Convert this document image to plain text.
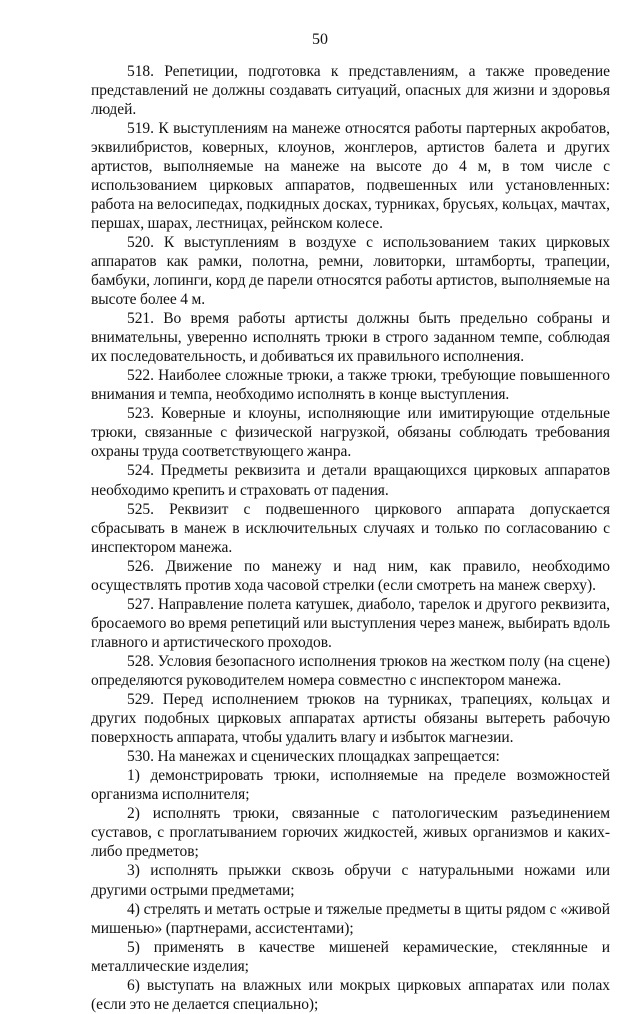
50

518. Репетиции, подготовка к представлениям, а также проведение представлений не должны создавать ситуаций, опасных для жизни и здоровья людей.

519. К выступлениям на манеже относятся работы партерных акробатов, эквилибристов, коверных, клоунов, жонглеров, артистов балета и других артистов, выполняемые на манеже на высоте до 4 м, в том числе с использованием цирковых аппаратов, подвешенных или установленных: работа на велосипедах, подкидных досках, турниках, брусьях, кольцах, мачтах, першах, шарах, лестницах, рейнском колесе.

520. К выступлениям в воздухе с использованием таких цирковых аппаратов как рамки, полотна, ремни, ловиторки, штамборты, трапеции, бамбуки, лопинги, корд де парели относятся работы артистов, выполняемые на высоте более 4 м.

521. Во время работы артисты должны быть предельно собраны и внимательны, уверенно исполнять трюки в строго заданном темпе, соблюдая их последовательность, и добиваться их правильного исполнения.

522. Наиболее сложные трюки, а также трюки, требующие повышенного внимания и темпа, необходимо исполнять в конце выступления.

523. Коверные и клоуны, исполняющие или имитирующие отдельные трюки, связанные с физической нагрузкой, обязаны соблюдать требования охраны труда соответствующего жанра.

524. Предметы реквизита и детали вращающихся цирковых аппаратов необходимо крепить и страховать от падения.

525. Реквизит с подвешенного циркового аппарата допускается сбрасывать в манеж в исключительных случаях и только по согласованию с инспектором манежа.

526. Движение по манежу и над ним, как правило, необходимо осуществлять против хода часовой стрелки (если смотреть на манеж сверху).

527. Направление полета катушек, диаболо, тарелок и другого реквизита, бросаемого во время репетиций или выступления через манеж, выбирать вдоль главного и артистического проходов.

528. Условия безопасного исполнения трюков на жестком полу (на сцене) определяются руководителем номера совместно с инспектором манежа.

529. Перед исполнением трюков на турниках, трапециях, кольцах и других подобных цирковых аппаратах артисты обязаны вытереть рабочую поверхность аппарата, чтобы удалить влагу и избыток магнезии.

530. На манежах и сценических площадках запрещается:

1) демонстрировать трюки, исполняемые на пределе возможностей организма исполнителя;

2) исполнять трюки, связанные с патологическим разъединением суставов, с проглатыванием горючих жидкостей, живых организмов и каких-либо предметов;

3) исполнять прыжки сквозь обручи с натуральными ножами или другими острыми предметами;

4) стрелять и метать острые и тяжелые предметы в щиты рядом с «живой мишенью» (партнерами, ассистентами);

5) применять в качестве мишеней керамические, стеклянные и металлические изделия;

6) выступать на влажных или мокрых цирковых аппаратах или полах (если это не делается специально);
